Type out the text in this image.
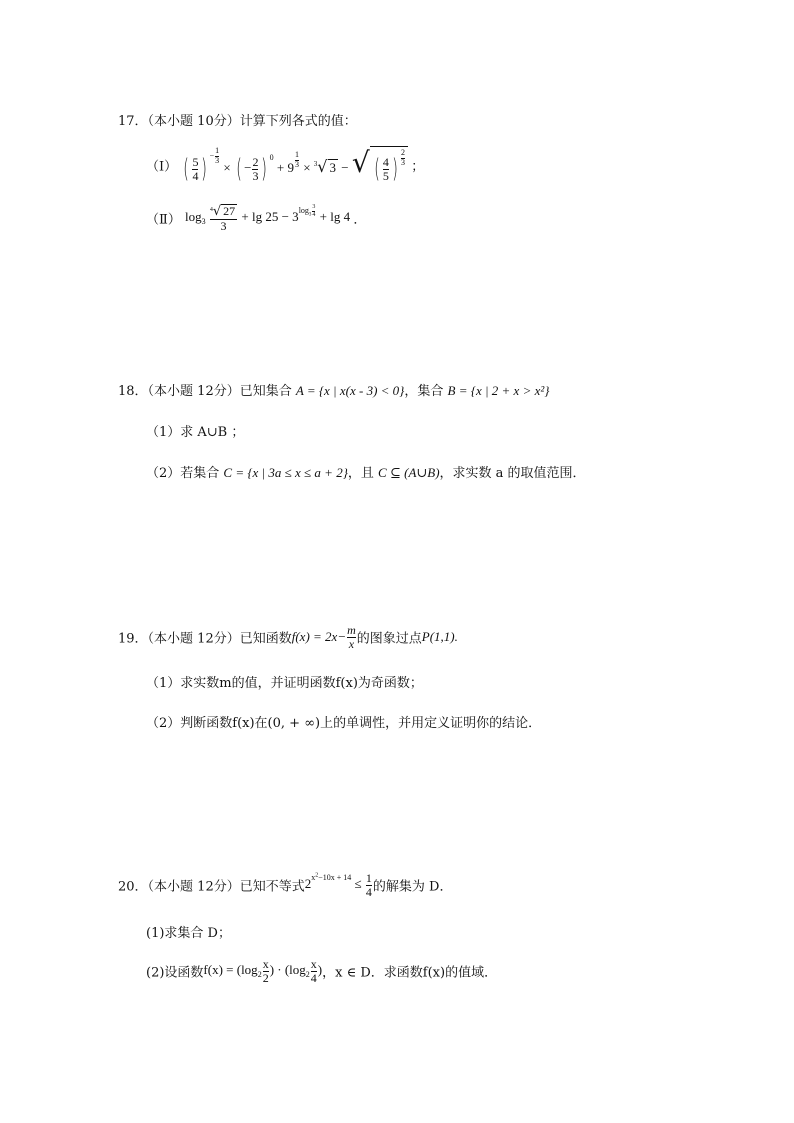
17．（本小题 10分）计算下列各式的值：
（Ⅰ） ( $\frac{5}{4}$ ) $^{- \frac{1}{3}}$
× ( − $\frac{2}{3}$ ) $^0$ + 9 $^{\frac{1}{3}}$ × $^3$√ 3 − √ ( $\frac{4}{5}$ ) $^{\frac{2}{3}}$ ；
（Ⅱ） $\log_3 \frac{^4√ 27}{3} + \lg 25 - 3^{log_3 \frac{3}{4}} + \lg 4$ ．
18．（本小题 12分）已知集合 A = {x | x(x - 3) < 0}，集合 B = {x | 2 + x > x²}
（1）求 A∪B ；
（2）若集合 C = {x | 3a ≤ x ≤ a + 2}，且 C ⊆ (A∪B)，求实数 a 的取值范围．
19．（本小题 12分）已知函数$f(x) = 2x- \frac{m}{x}$ 的图象过点P(1,1).
（1）求实数m的值，并证明函数f(x)为奇函数；
（2）判断函数f(x)在(0, + ∞)上的单调性，并用定义证明你的结论．
20．（本小题 12分）已知不等式$2^{x^2-10x + 14} \le \frac{1}{4}$ 的解集为 D．
(1)求集合 D；
(2)设函数$f(x) = (\log_2 \frac{x}{2}$ ) · ($\log_2 \frac{x}{4}$ )，x ∈ D．求函数f(x)的值域．
